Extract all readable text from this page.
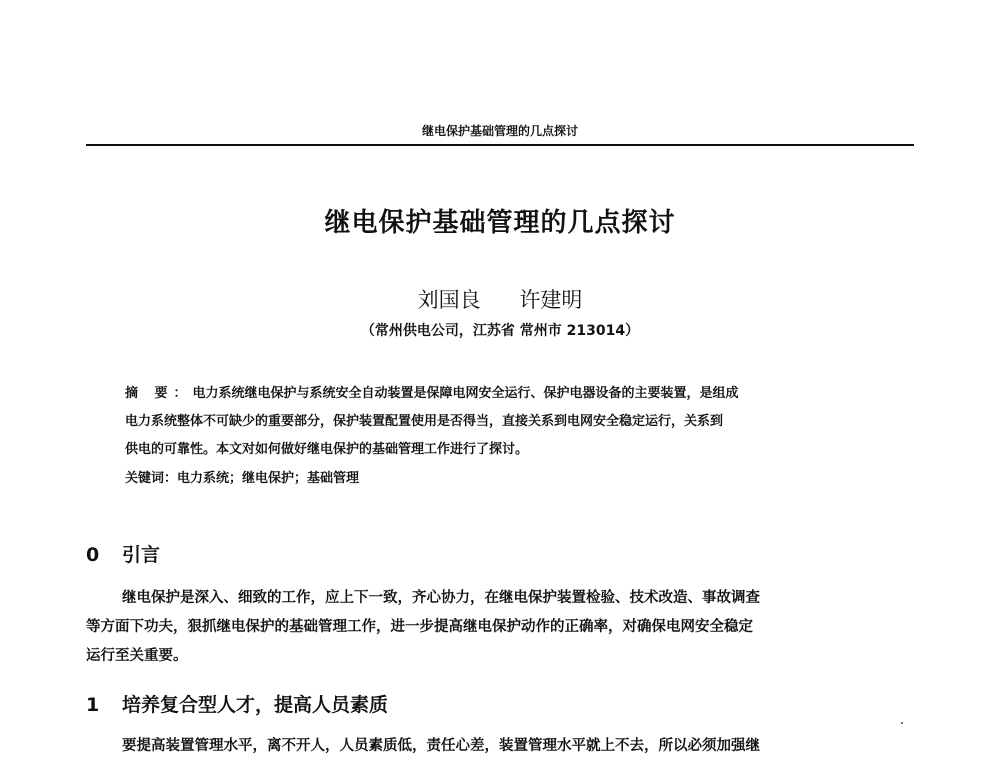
继电保护基础管理的几点探讨
继电保护基础管理的几点探讨
刘国良 许建明
（常州供电公司，江苏省 常州市 213014）
摘 要：电力系统继电保护与系统安全自动装置是保障电网安全运行、保护电器设备的主要装置，是组成
电力系统整体不可缺少的重要部分，保护装置配置使用是否得当，直接关系到电网安全稳定运行，关系到
供电的可靠性。本文对如何做好继电保护的基础管理工作进行了探讨。
关键词：电力系统；继电保护；基础管理
0 引言
继电保护是深入、细致的工作，应上下一致，齐心协力，在继电保护装置检验、技术改造、事故调查
等方面下功夫，狠抓继电保护的基础管理工作，进一步提高继电保护动作的正确率，对确保电网安全稳定
运行至关重要。
1 培养复合型人才，提高人员素质
要提高装置管理水平，离不开人，人员素质低，责任心差，装置管理水平就上不去，所以必须加强继
